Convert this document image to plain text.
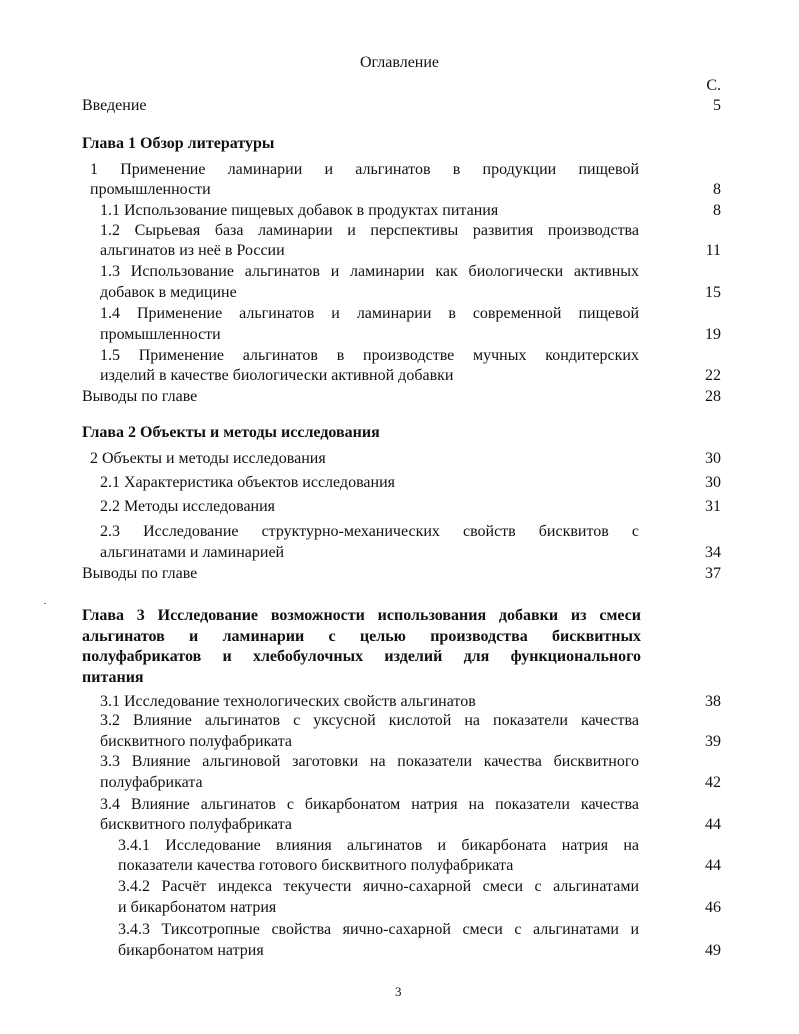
Оглавление
С.
Введение	5
Глава 1 Обзор литературы
1 Применение ламинарии и альгинатов в продукции пищевой
промышленности	8
1.1 Использование пищевых добавок в продуктах питания	8
1.2 Сырьевая база ламинарии и перспективы развития производства
альгинатов из неё в России	11
1.3 Использование альгинатов и ламинарии как биологически активных
добавок в медицине	15
1.4 Применение альгинатов и ламинарии в современной пищевой
промышленности	19
1.5 Применение альгинатов в производстве мучных кондитерских
изделий в качестве биологически активной добавки	22
Выводы по главе	28
Глава 2 Объекты и методы исследования
2 Объекты и методы исследования	30
2.1 Характеристика объектов исследования	30
2.2 Методы исследования	31
2.3 Исследование структурно-механических свойств бисквитов с
альгинатами и ламинарией	34
Выводы по главе	37
Глава 3 Исследование возможности использования добавки из смеси
альгинатов и ламинарии с целью производства бисквитных
полуфабрикатов и хлебобулочных изделий для функционального
питания
3.1 Исследование технологических свойств альгинатов	38
3.2 Влияние альгинатов с уксусной кислотой на показатели качества
бисквитного полуфабриката	39
3.3 Влияние альгиновой заготовки на показатели качества бисквитного
полуфабриката	42
3.4 Влияние альгинатов с бикарбонатом натрия на показатели качества
бисквитного полуфабриката	44
3.4.1 Исследование влияния альгинатов и бикарбоната натрия на
показатели качества готового бисквитного полуфабриката	44
3.4.2 Расчёт индекса текучести яично-сахарной смеси с альгинатами
и бикарбонатом натрия	46
3.4.3 Тиксотропные свойства яично-сахарной смеси с альгинатами и
бикарбонатом натрия	49
3
